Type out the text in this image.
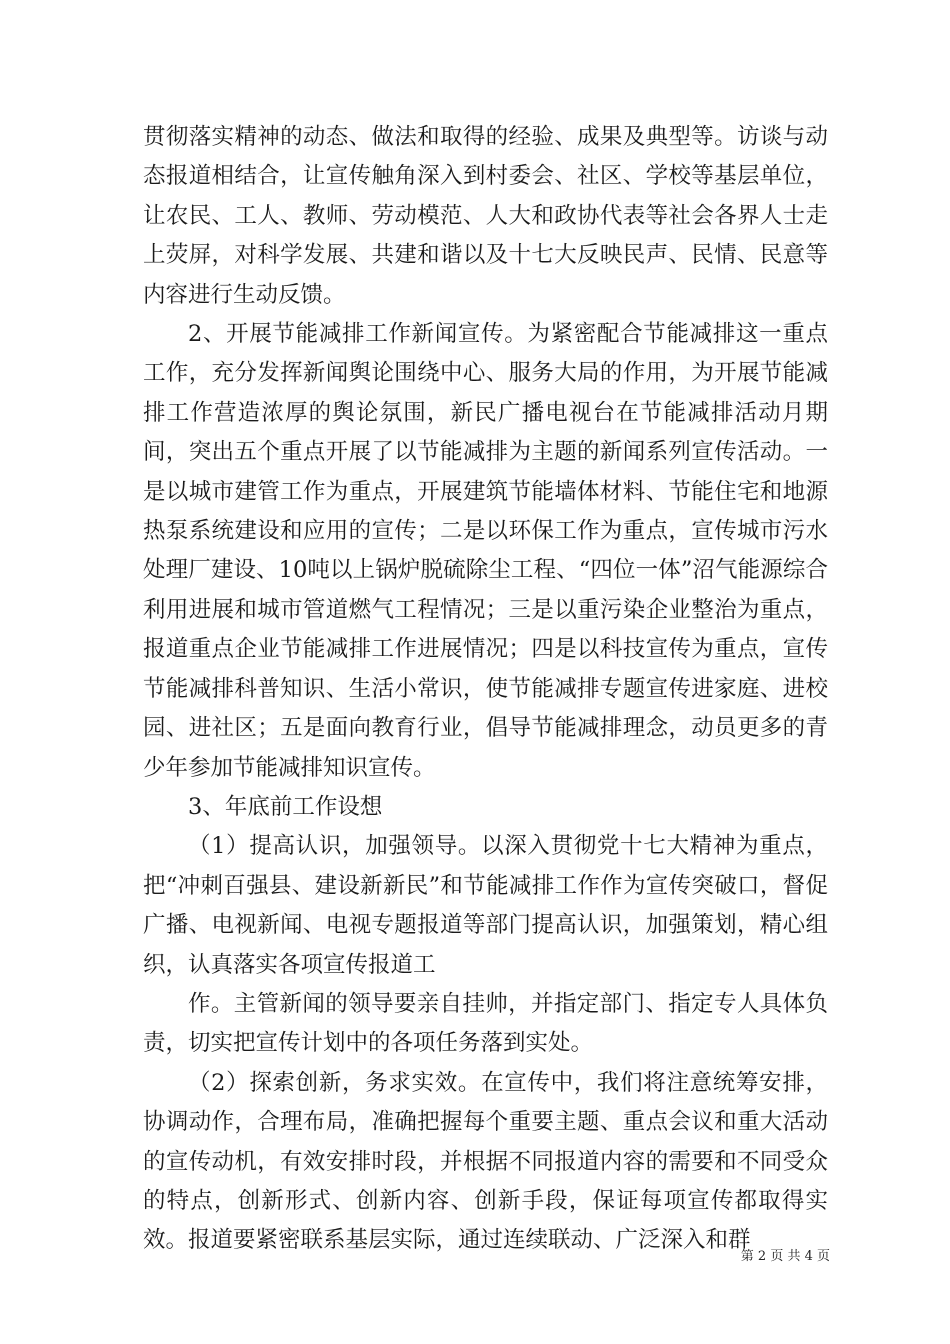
贯彻落实精神的动态、做法和取得的经验、成果及典型等。访谈与动态报道相结合，让宣传触角深入到村委会、社区、学校等基层单位，让农民、工人、教师、劳动模范、人大和政协代表等社会各界人士走上荧屏，对科学发展、共建和谐以及十七大反映民声、民情、民意等内容进行生动反馈。

2、开展节能减排工作新闻宣传。为紧密配合节能减排这一重点工作，充分发挥新闻舆论围绕中心、服务大局的作用，为开展节能减排工作营造浓厚的舆论氛围，新民广播电视台在节能减排活动月期间，突出五个重点开展了以节能减排为主题的新闻系列宣传活动。一是以城市建管工作为重点，开展建筑节能墙体材料、节能住宅和地源热泵系统建设和应用的宣传；二是以环保工作为重点，宣传城市污水处理厂建设、10吨以上锅炉脱硫除尘工程、“四位一体”沼气能源综合利用进展和城市管道燃气工程情况；三是以重污染企业整治为重点，报道重点企业节能减排工作进展情况；四是以科技宣传为重点，宣传节能减排科普知识、生活小常识，使节能减排专题宣传进家庭、进校园、进社区；五是面向教育行业，倡导节能减排理念，动员更多的青少年参加节能减排知识宣传。

3、年底前工作设想

（1）提高认识，加强领导。以深入贯彻党十七大精神为重点，把“冲刺百强县、建设新新民”和节能减排工作作为宣传突破口，督促广播、电视新闻、电视专题报道等部门提高认识，加强策划，精心组织，认真落实各项宣传报道工

作。主管新闻的领导要亲自挂帅，并指定部门、指定专人具体负责，切实把宣传计划中的各项任务落到实处。

（2）探索创新，务求实效。在宣传中，我们将注意统筹安排，协调动作，合理布局，准确把握每个重要主题、重点会议和重大活动的宣传动机，有效安排时段，并根据不同报道内容的需要和不同受众的特点，创新形式、创新内容、创新手段，保证每项宣传都取得实效。报道要紧密联系基层实际，通过连续联动、广泛深入和群

第 2 页 共 4 页
